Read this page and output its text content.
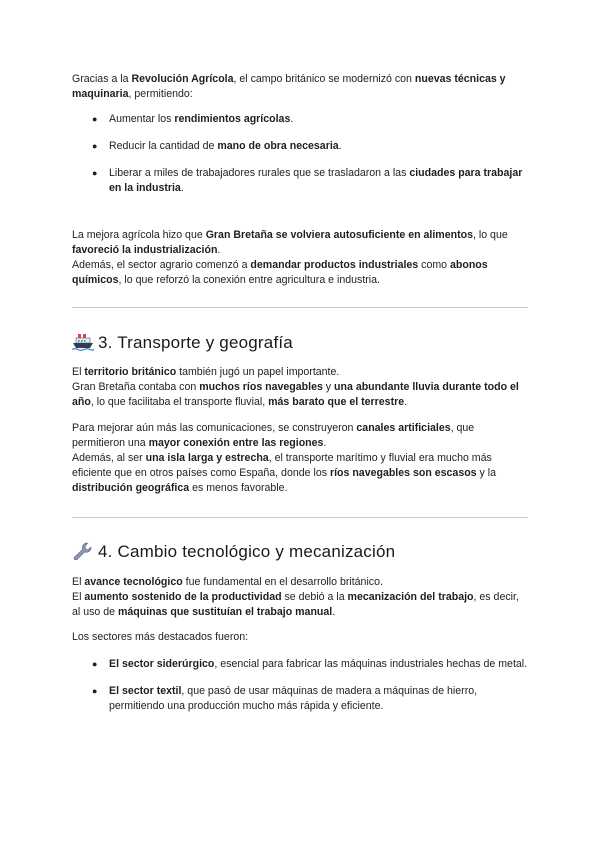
Gracias a la Revolución Agrícola, el campo británico se modernizó con nuevas técnicas y maquinaria, permitiendo:

● Aumentar los rendimientos agrícolas.
● Reducir la cantidad de mano de obra necesaria.
● Liberar a miles de trabajadores rurales que se trasladaron a las ciudades para trabajar en la industria.

La mejora agrícola hizo que Gran Bretaña se volviera autosuficiente en alimentos, lo que favoreció la industrialización.

Además, el sector agrario comenzó a demandar productos industriales como abonos químicos, lo que reforzó la conexión entre agricultura e industria.

3. Transporte y geografía

El territorio británico también jugó un papel importante.

Gran Bretaña contaba con muchos ríos navegables y una abundante lluvia durante todo el año, lo que facilitaba el transporte fluvial, más barato que el terrestre.

Para mejorar aún más las comunicaciones, se construyeron canales artificiales, que permitieron una mayor conexión entre las regiones.

Además, al ser una isla larga y estrecha, el transporte marítimo y fluvial era mucho más eficiente que en otros países como España, donde los ríos navegables son escasos y la distribución geográfica es menos favorable.

4. Cambio tecnológico y mecanización

El avance tecnológico fue fundamental en el desarrollo británico.

El aumento sostenido de la productividad se debió a la mecanización del trabajo, es decir, al uso de máquinas que sustituían el trabajo manual.

Los sectores más destacados fueron:

● El sector siderúrgico, esencial para fabricar las máquinas industriales hechas de metal.
● El sector textil, que pasó de usar máquinas de madera a máquinas de hierro, permitiendo una producción mucho más rápida y eficiente.
